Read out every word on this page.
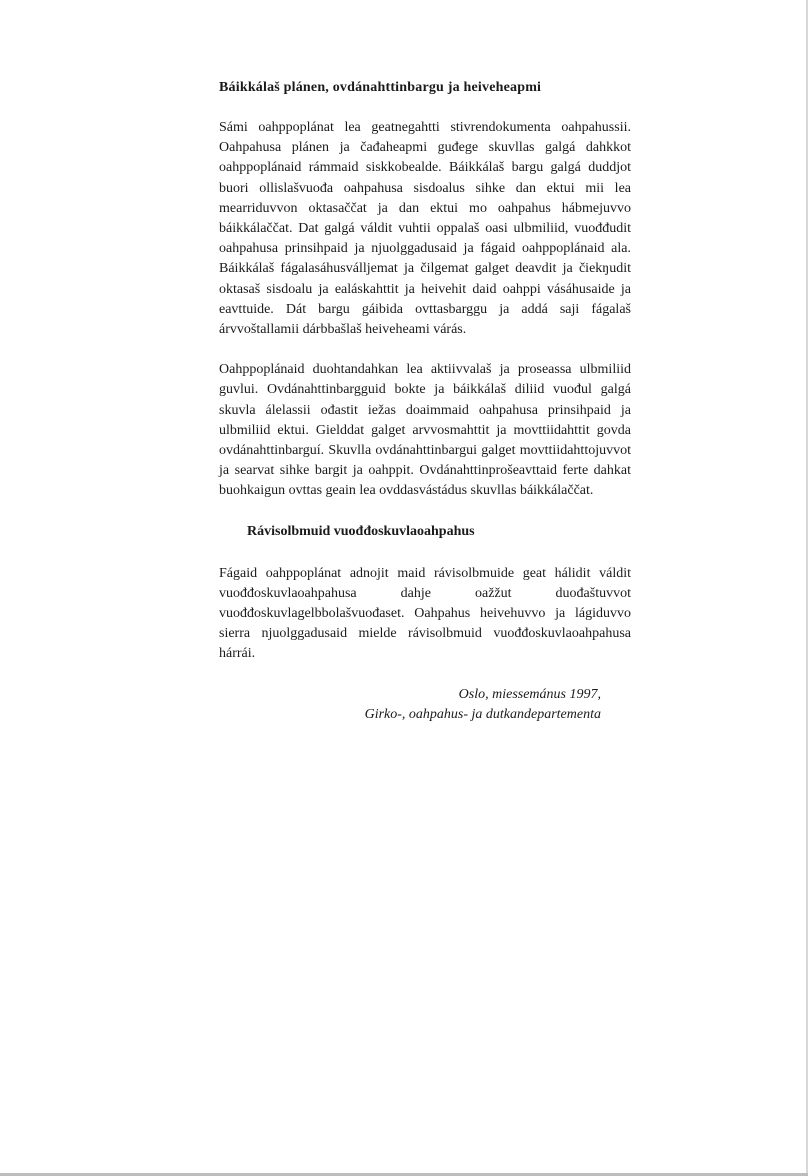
Báikkálaš plánen, ovdánahttinbargu ja heiveheapmi

Sámi oahppoplánat lea geatnegahtti stivrendokumenta oahpahussii. Oahpahusa plánen ja čađaheapmi guđege skuvllas galgá dahkkot oahppoplánaid rámmaid siskkobealde. Báikkálaš bargu galgá duddjot buori ollislašvuođa oahpahusa sisdoalus sihke dan ektui mii lea mearriduvvon oktasaččat ja dan ektui mo oahpahus hábmejuvvo báikkálaččat. Dat galgá váldit vuhtii oppalaš oasi ulbmiliid, vuođđudit oahpahusa prinsihpaid ja njuolggadusaid ja fágaid oahppoplánaid ala. Báikkálaš fágalasáhusválljemat ja čilgemat galget deavdit ja čiekŋudit oktasaš sisdoalu ja ealáskahttit ja heivehit daid oahppi vásáhusaide ja eavttuide. Dát bargu gáibida ovttasbarggu ja addá saji fágalaš árvvoštallamii dárbbašlaš heiveheami várás.

Oahppoplánaid duohtandahkan lea aktiivvalaš ja proseassa ulbmiliid guvlui. Ovdánahttinbargguid bokte ja báikkálaš diliid vuođul galgá skuvla álelassii ođastit iežas doaimmaid oahpahusa prinsihpaid ja ulbmiliid ektui. Gielddat galget arvvosmahttit ja movttiidahttit govda ovdánahttinbarguí. Skuvlla ovdánahttinbargui galget movttiidahttojuvvot ja searvat sihke bargit ja oahppit. Ovdánahttinprošeavttaid ferte dahkat buohkaigun ovttas geain lea ovddasvástádus skuvllas báikkálaččat.

Rávisolbmuid vuođđoskuvlaoahpahus

Fágaid oahppoplánat adnojit maid rávisolbmuide geat hálidit váldit vuođđoskuvlaoahpahusa dahje oažžut duođaštuvvot vuođđoskuvlagelbbolašvuođaset. Oahpahus heivehuvvo ja lágiduvvo sierra njuolggadusaid mielde rávisolbmuid vuođđoskuvlaoahpahusa hárrái.

Oslo, miessemánus 1997,
Girko-, oahpahus- ja dutkandepartementa
